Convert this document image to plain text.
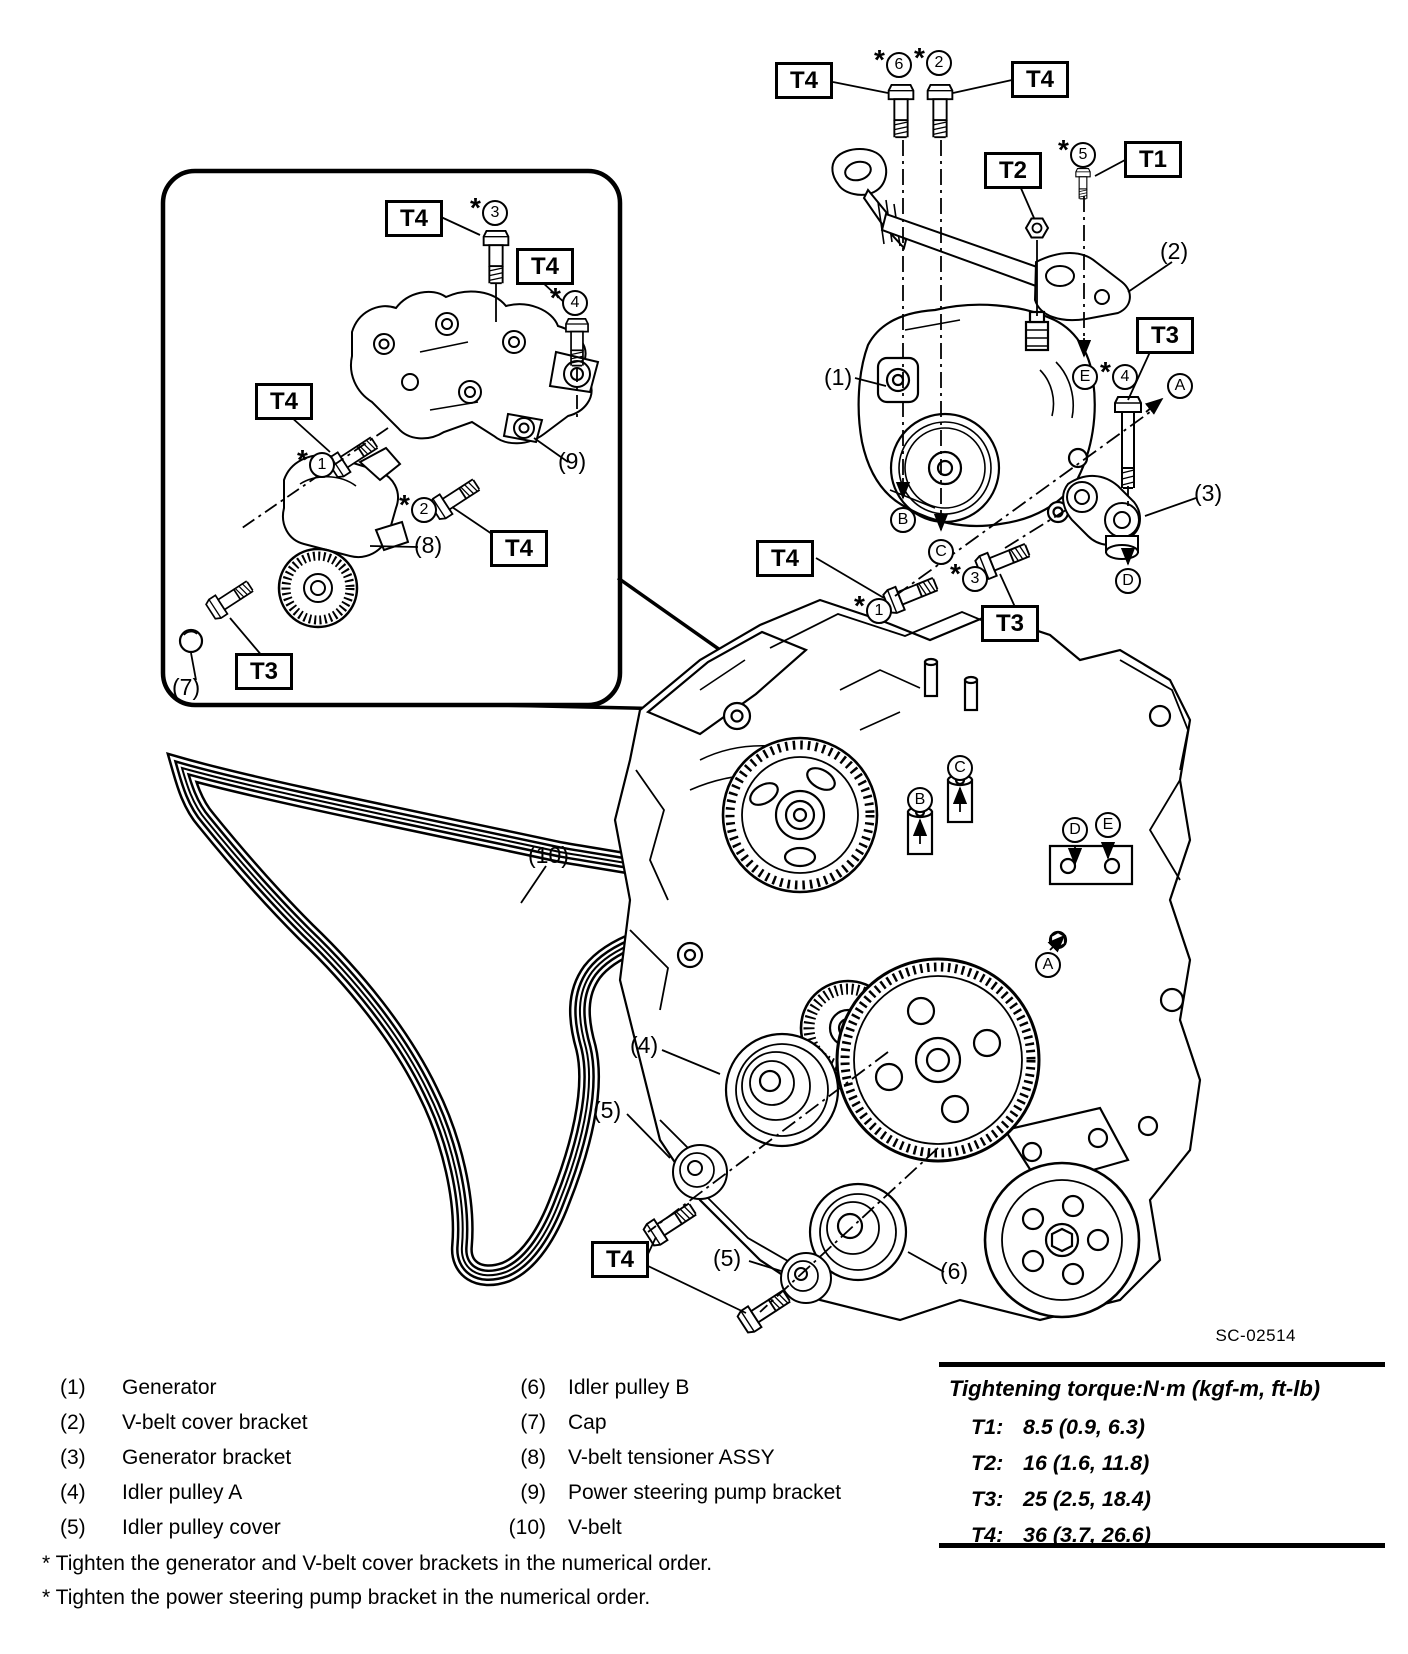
T4
T4
T4
T4
T3
T4	T4
T2	T1
T3
T4
T3
T4
(1)
(2)
(3)
(4)
(5)
(5)	(6)
(7)
(8)
(9)
(10)
* 6 * 2
* 5
* 4
* 1
* 3
* 3
* 4
* 1
* 2
B
C
E
A
D
B
C
D	E
A
SC-02514
(1)	Generator
(2)	V-belt cover bracket
(3)	Generator bracket
(4)	Idler pulley A
(5)	Idler pulley cover
(6) Idler pulley B
(7) Cap
(8) V-belt tensioner ASSY
(9) Power steering pump bracket
(10) V-belt
Tightening torque:N·m (kgf-m, ft-lb)
T1: 8.5 (0.9, 6.3)
T2: 16 (1.6, 11.8)
T3: 25 (2.5, 18.4)
T4: 36 (3.7, 26.6)
* Tighten the generator and V-belt cover brackets in the numerical order.
* Tighten the power steering pump bracket in the numerical order.
